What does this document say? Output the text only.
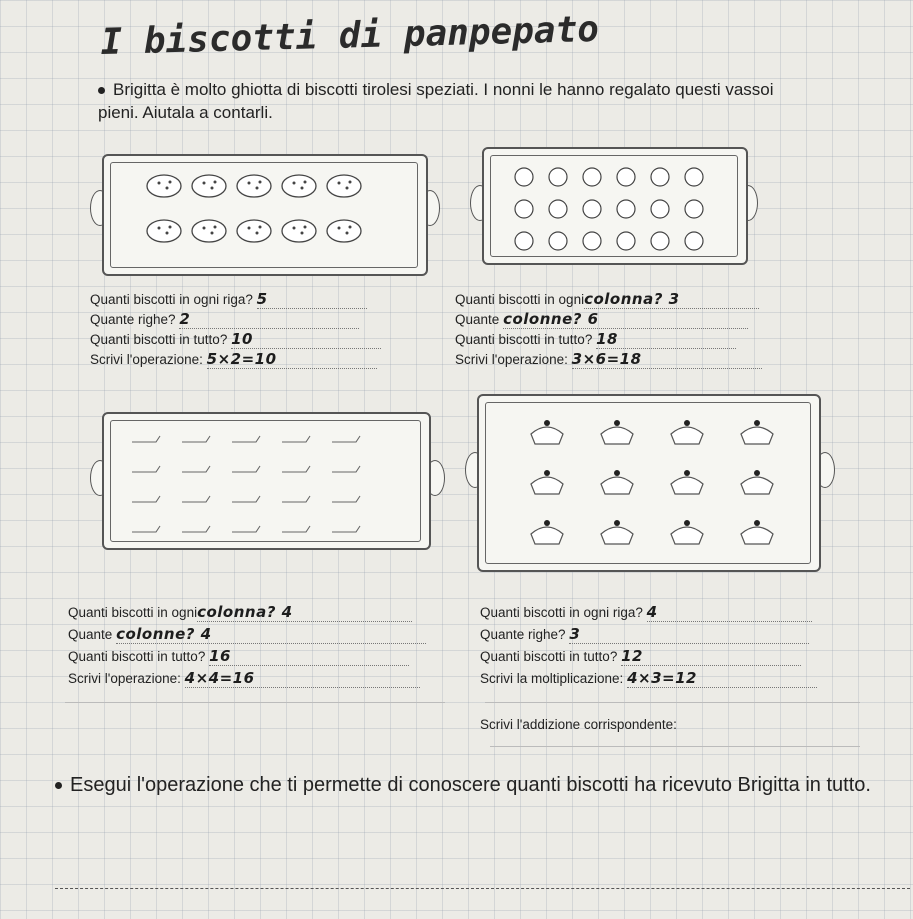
I biscotti di panpepato
Brigitta è molto ghiotta di biscotti tirolesi speziati. I nonni le hanno regalato questi vassoi pieni. Aiutala a contarli.
Quanti biscotti in ogni riga? 5
Quante righe? 2
Quanti biscotti in tutto? 10
Scrivi l'operazione: 5×2=10
Quanti biscotti in ognicolonna? 3
Quante colonne? 6
Quanti biscotti in tutto? 18
Scrivi l'operazione: 3×6=18
Quanti biscotti in ognicolonna? 4
Quante colonne? 4
Quanti biscotti in tutto? 16
Scrivi l'operazione: 4×4=16
Quanti biscotti in ogni riga? 4
Quante righe? 3
Quanti biscotti in tutto? 12
Scrivi la moltiplicazione: 4×3=12
Scrivi l'addizione corrispondente:
Esegui l'operazione che ti permette di conoscere quanti biscotti ha ricevuto Brigitta in tutto.
